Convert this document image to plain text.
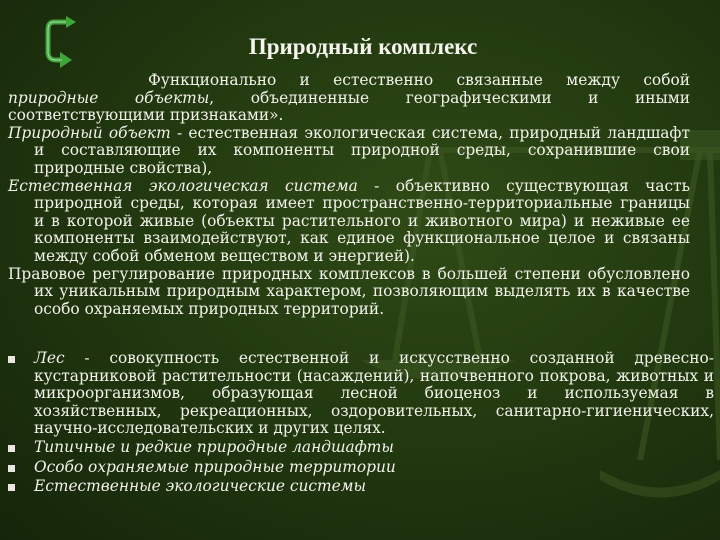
Природный комплекс

Функционально и естественно связанные между собой природные объекты, объединенные географическими и иными соответствующими признаками».

Природный объект - естественная экологическая система, природный ландшафт и составляющие их компоненты природной среды, сохранившие свои природные свойства),

Естественная экологическая система - объективно существующая часть природной среды, которая имеет пространственно-территориальные границы и в которой живые (объекты растительного и животного мира) и неживые ее компоненты взаимодействуют, как единое функциональное целое и связаны между собой обменом веществом и энергией).

Правовое регулирование природных комплексов в большей степени обусловлено их уникальным природным характером, позволяющим выделять их в качестве особо охраняемых природных территорий.

Лес - совокупность естественной и искусственно созданной древесно-кустарниковой растительности (насаждений), напочвенного покрова, животных и микроорганизмов, образующая лесной биоценоз и используемая в хозяйственных, рекреационных, оздоровительных, санитарно-гигиенических, научно-исследовательских и других целях.
Типичные и редкие природные ландшафты
Особо охраняемые природные территории
Естественные экологические системы
